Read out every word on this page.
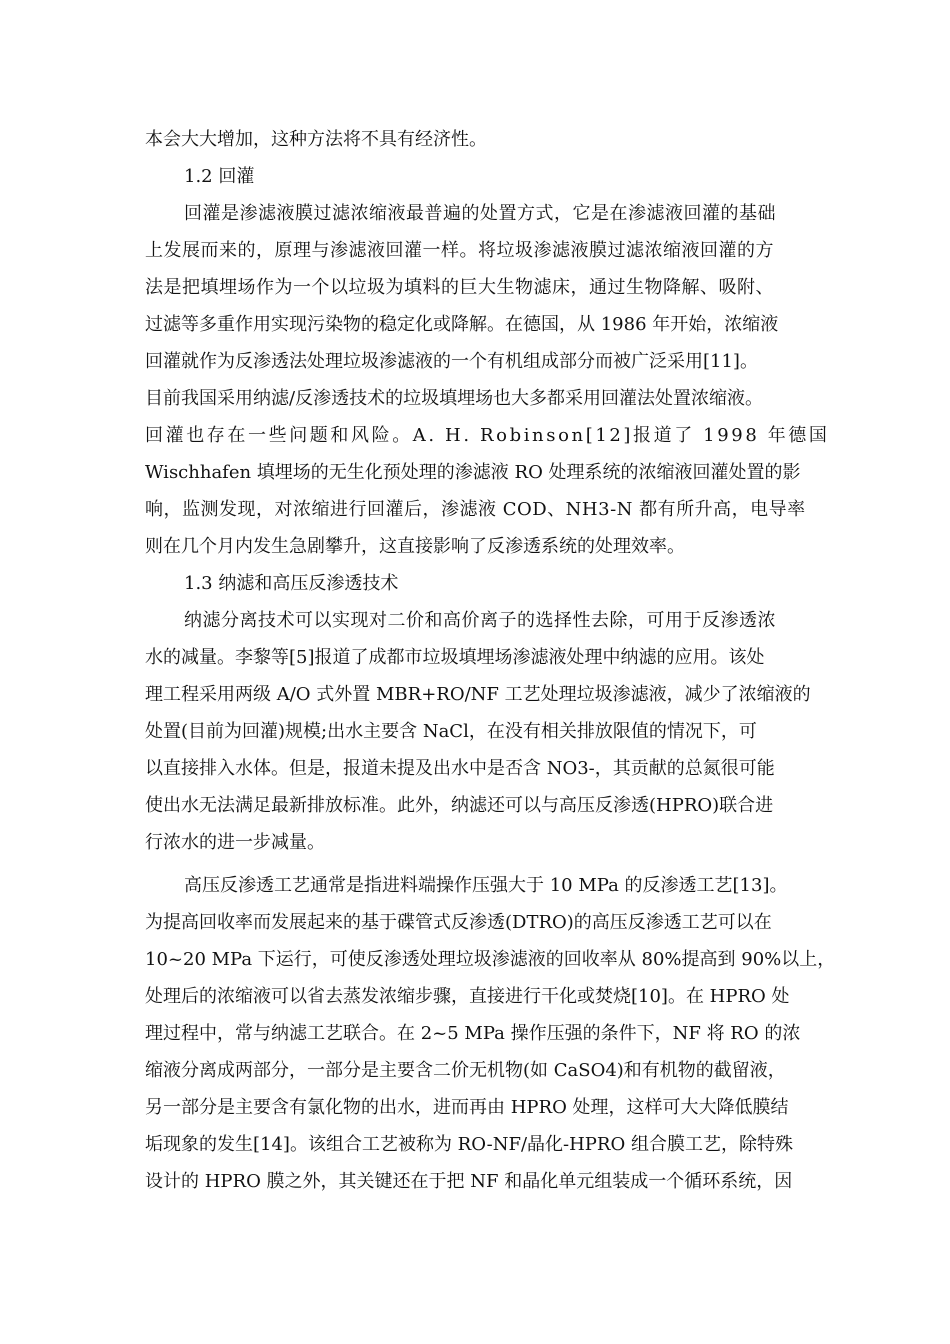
本会大大增加，这种方法将不具有经济性。
1.2 回灌
回灌是渗滤液膜过滤浓缩液最普遍的处置方式，它是在渗滤液回灌的基础
上发展而来的，原理与渗滤液回灌一样。将垃圾渗滤液膜过滤浓缩液回灌的方
法是把填埋场作为一个以垃圾为填料的巨大生物滤床，通过生物降解、吸附、
过滤等多重作用实现污染物的稳定化或降解。在德国，从 1986 年开始，浓缩液
回灌就作为反渗透法处理垃圾渗滤液的一个有机组成部分而被广泛采用[11]。
目前我国采用纳滤/反渗透技术的垃圾填埋场也大多都采用回灌法处置浓缩液。
回灌也存在一些问题和风险。A. H. Robinson[12]报道了 1998 年德国
Wischhafen 填埋场的无生化预处理的渗滤液 RO 处理系统的浓缩液回灌处置的影
响，监测发现，对浓缩进行回灌后，渗滤液 COD、NH3-N 都有所升高，电导率
则在几个月内发生急剧攀升，这直接影响了反渗透系统的处理效率。
1.3 纳滤和高压反渗透技术
纳滤分离技术可以实现对二价和高价离子的选择性去除，可用于反渗透浓
水的减量。李黎等[5]报道了成都市垃圾填埋场渗滤液处理中纳滤的应用。该处
理工程采用两级 A/O 式外置 MBR+RO/NF 工艺处理垃圾渗滤液，减少了浓缩液的
处置(目前为回灌)规模;出水主要含 NaCl，在没有相关排放限值的情况下，可
以直接排入水体。但是，报道未提及出水中是否含 NO3-，其贡献的总氮很可能
使出水无法满足最新排放标准。此外，纳滤还可以与高压反渗透(HPRO)联合进
行浓水的进一步减量。
高压反渗透工艺通常是指进料端操作压强大于 10 MPa 的反渗透工艺[13]。
为提高回收率而发展起来的基于碟管式反渗透(DTRO)的高压反渗透工艺可以在
10~20 MPa 下运行，可使反渗透处理垃圾渗滤液的回收率从 80%提高到 90%以上，
处理后的浓缩液可以省去蒸发浓缩步骤，直接进行干化或焚烧[10]。在 HPRO 处
理过程中，常与纳滤工艺联合。在 2~5 MPa 操作压强的条件下，NF 将 RO 的浓
缩液分离成两部分，一部分是主要含二价无机物(如 CaSO4)和有机物的截留液，
另一部分是主要含有氯化物的出水，进而再由 HPRO 处理，这样可大大降低膜结
垢现象的发生[14]。该组合工艺被称为 RO-NF/晶化-HPRO 组合膜工艺，除特殊
设计的 HPRO 膜之外，其关键还在于把 NF 和晶化单元组装成一个循环系统，因
